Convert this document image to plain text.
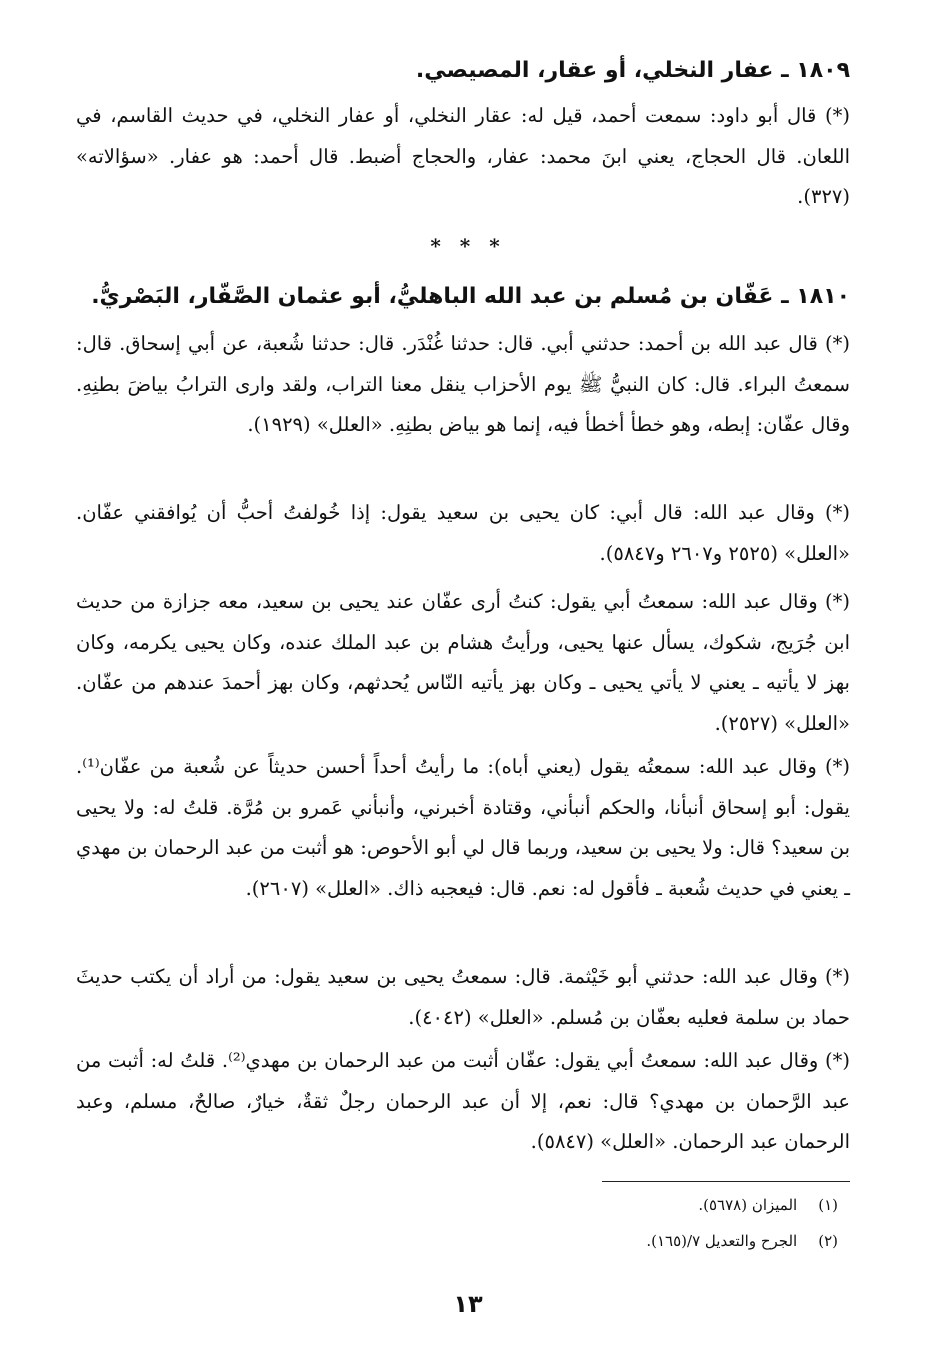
١٨٠٩ ـ عفار النخلي، أو عقار، المصيصي.
(*) قال أبو داود: سمعت أحمد، قيل له: عقار النخلي، أو عفار النخلي، في حديث القاسم، في اللعان. قال الحجاج، يعني ابنَ محمد: عفار، والحجاج أضبط. قال أحمد: هو عفار. «سؤالاته» (٣٢٧).
* * *
١٨١٠ ـ عَفّان بن مُسلم بن عبد الله الباهليُّ، أبو عثمان الصَّفّار، البَصْريُّ.
(*) قال عبد الله بن أحمد: حدثني أبي. قال: حدثنا غُنْدَر. قال: حدثنا شُعبة، عن أبي إسحاق. قال: سمعتُ البراء. قال: كان النبيُّ ﷺ يوم الأحزاب ينقل معنا التراب، ولقد وارى الترابُ بياضَ بطنِهِ. وقال عفّان: إبطه، وهو خطأ أخطأ فيه، إنما هو بياض بطنِهِ. «العلل» (١٩٢٩).
(*) وقال عبد الله: قال أبي: كان يحيى بن سعيد يقول: إذا خُولفتُ أحبُّ أن يُوافقني عفّان. «العلل» (٢٥٢٥ و٢٦٠٧ و٥٨٤٧).
(*) وقال عبد الله: سمعتُ أبي يقول: كنتُ أرى عفّان عند يحيى بن سعيد، معه جزازة من حديث ابن جُرَيج، شكوك، يسأل عنها يحيى، ورأيتُ هشام بن عبد الملك عنده، وكان يحيى يكرمه، وكان بهز لا يأتيه ـ يعني لا يأتي يحيى ـ وكان بهز يأتيه النّاس يُحدثهم، وكان بهز أحمدَ عندهم من عفّان. «العلل» (٢٥٢٧).
(*) وقال عبد الله: سمعتُه يقول (يعني أباه): ما رأيتُ أحداً أحسن حديثاً عن شُعبة من عفّان⁽¹⁾. يقول: أبو إسحاق أنبأنا، والحكم أنبأني، وقتادة أخبرني، وأنبأني عَمرو بن مُرَّة. قلتُ له: ولا يحيى بن سعيد؟ قال: ولا يحيى بن سعيد، وربما قال لي أبو الأحوص: هو أثبت من عبد الرحمان بن مهدي ـ يعني في حديث شُعبة ـ فأقول له: نعم. قال: فيعجبه ذاك. «العلل» (٢٦٠٧).
(*) وقال عبد الله: حدثني أبو خَيْثمة. قال: سمعتُ يحيى بن سعيد يقول: من أراد أن يكتب حديثَ حماد بن سلمة فعليه بعفّان بن مُسلم. «العلل» (٤٠٤٢).
(*) وقال عبد الله: سمعتُ أبي يقول: عفّان أثبت من عبد الرحمان بن مهدي⁽²⁾. قلتُ له: أثبت من عبد الرَّحمان بن مهدي؟ قال: نعم، إلا أن عبد الرحمان رجلٌ ثقةٌ، خيارٌ، صالحٌ، مسلم، وعبد الرحمان عبد الرحمان. «العلل» (٥٨٤٧).
(١) الميزان (٥٦٧٨).
(٢) الجرح والتعديل ٧/(١٦٥).
١٣
